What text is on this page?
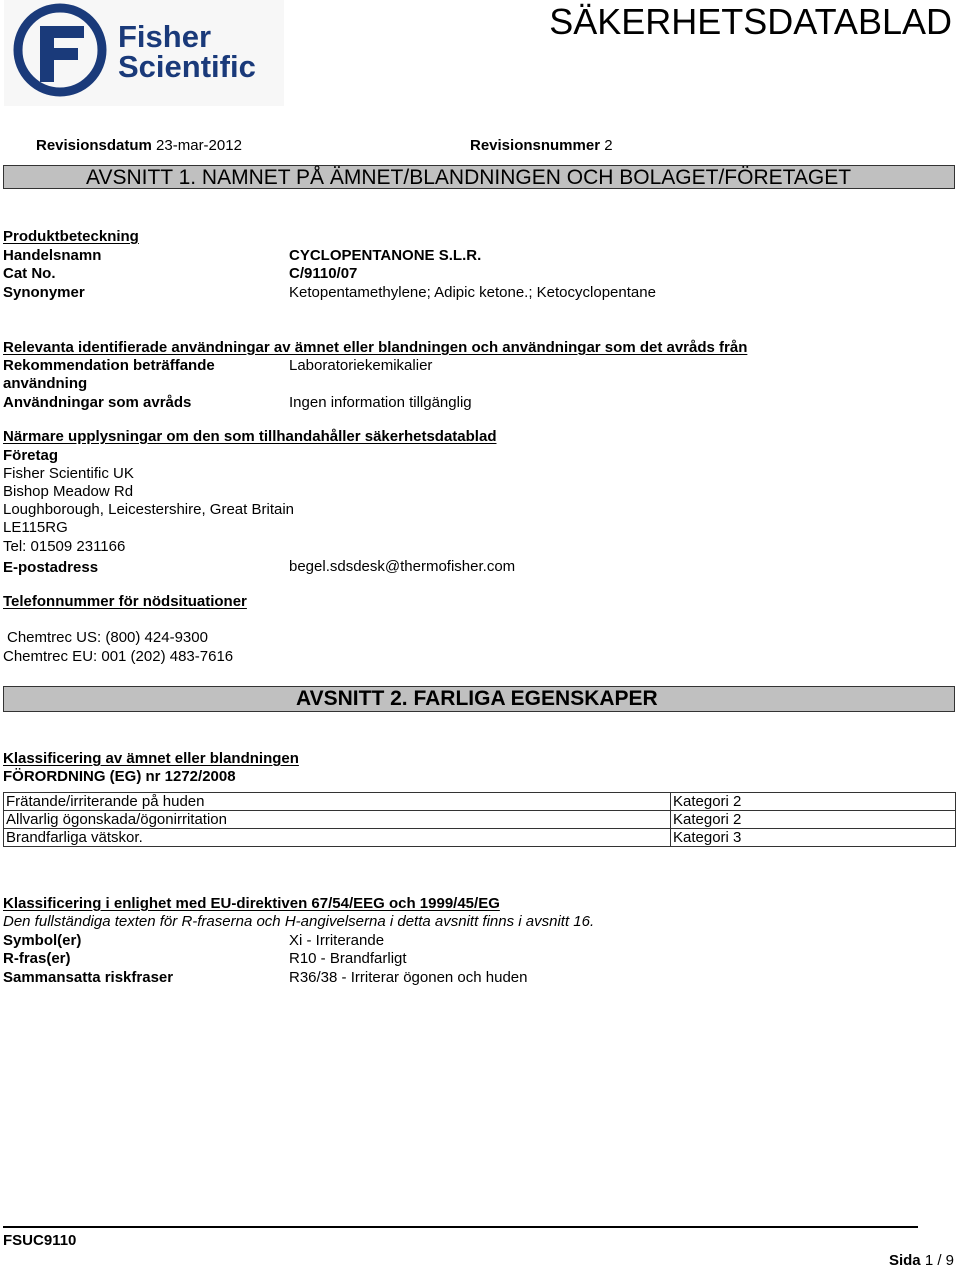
Fisher
Scientific
SÄKERHETSDATABLAD
Revisionsdatum 23-mar-2012	Revisionsnummer 2
AVSNITT 1. NAMNET PÅ ÄMNET/BLANDNINGEN OCH BOLAGET/FÖRETAGET
Produktbeteckning
Handelsnamn	CYCLOPENTANONE S.L.R.
Cat No.	C/9110/07
Synonymer	Ketopentamethylene; Adipic ketone.; Ketocyclopentane
Relevanta identifierade användningar av ämnet eller blandningen och användningar som det avråds från
Rekommendation beträffande
användning
Laboratoriekemikalier
Användningar som avråds	Ingen information tillgänglig
Närmare upplysningar om den som tillhandahåller säkerhetsdatablad
Företag
Fisher Scientific UK
Bishop Meadow Rd
Loughborough, Leicestershire, Great Britain
LE115RG
Tel: 01509 231166
E-postadress	begel.sdsdesk@thermofisher.com
Telefonnummer för nödsituationer
Chemtrec US: (800) 424-9300
Chemtrec EU: 001 (202) 483-7616
AVSNITT 2. FARLIGA EGENSKAPER
Klassificering av ämnet eller blandningen
FÖRORDNING (EG) nr 1272/2008
Frätande/irriterande på huden	Kategori 2
Allvarlig ögonskada/ögonirritation	Kategori 2
Brandfarliga vätskor.	Kategori 3
Klassificering i enlighet med EU-direktiven 67/54/EEG och 1999/45/EG
Den fullständiga texten för R-fraserna och H-angivelserna i detta avsnitt finns i avsnitt 16.
Symbol(er)	Xi - Irriterande
R-fras(er)	R10 - Brandfarligt
Sammansatta riskfraser	R36/38 - Irriterar ögonen och huden
FSUC9110
Sida 1 / 9
